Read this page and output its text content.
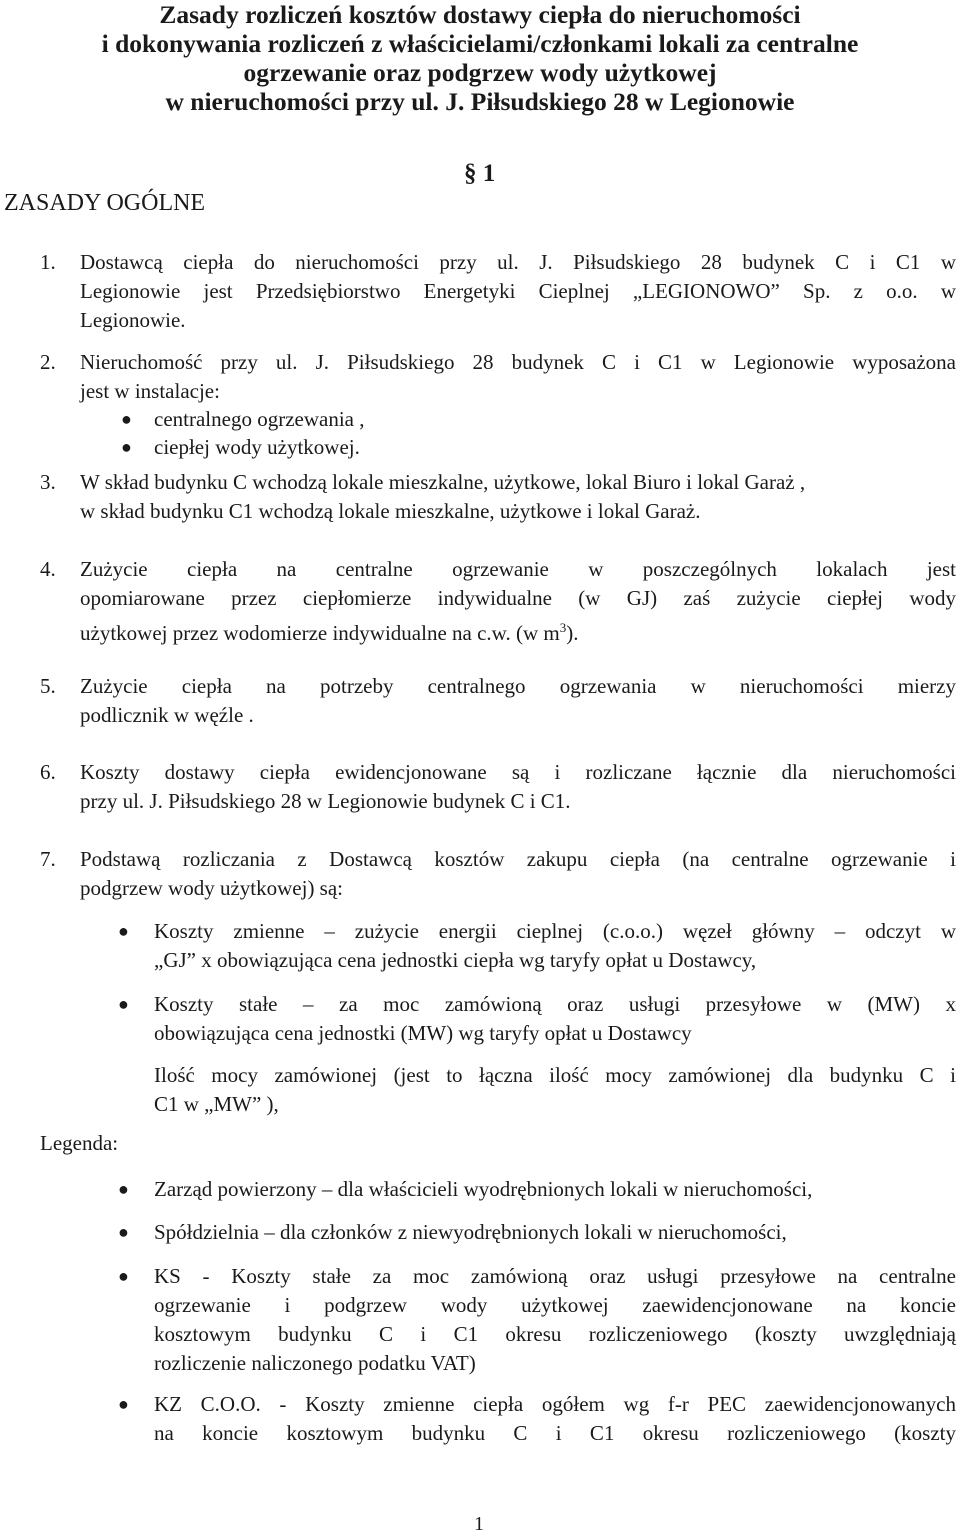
Zasady rozliczeń kosztów dostawy ciepła do nieruchomości
i dokonywania rozliczeń z właścicielami/członkami lokali za centralne
ogrzewanie oraz podgrzew wody użytkowej
w nieruchomości przy ul. J. Piłsudskiego 28 w Legionowie
§ 1
ZASADY OGÓLNE
1. Dostawcą ciepła do nieruchomości przy ul. J. Piłsudskiego 28 budynek C i C1 w
Legionowie jest Przedsiębiorstwo Energetyki Cieplnej „LEGIONOWO” Sp. z o.o. w
Legionowie.
2. Nieruchomość przy ul. J. Piłsudskiego 28 budynek C i C1 w Legionowie wyposażona
jest w instalacje:
● centralnego ogrzewania ,
● ciepłej wody użytkowej.
3. W skład budynku C wchodzą lokale mieszkalne, użytkowe, lokal Biuro i lokal Garaż ,
w skład budynku C1 wchodzą lokale mieszkalne, użytkowe i lokal Garaż.
4. Zużycie ciepła na centralne ogrzewanie w poszczególnych lokalach jest
opomiarowane przez ciepłomierze indywidualne (w GJ) zaś zużycie ciepłej wody
użytkowej przez wodomierze indywidualne na c.w. (w $m^3$).
5. Zużycie ciepła na potrzeby centralnego ogrzewania w nieruchomości mierzy
podlicznik w węźle .
6. Koszty dostawy ciepła ewidencjonowane są i rozliczane łącznie dla nieruchomości
przy ul. J. Piłsudskiego 28 w Legionowie budynek C i C1.
7. Podstawą rozliczania z Dostawcą kosztów zakupu ciepła (na centralne ogrzewanie i
podgrzew wody użytkowej) są:
● Koszty zmienne – zużycie energii cieplnej (c.o.o.) węzeł główny – odczyt w
„GJ” x obowiązująca cena jednostki ciepła wg taryfy opłat u Dostawcy,
● Koszty stałe – za moc zamówioną oraz usługi przesyłowe w (MW) x
obowiązująca cena jednostki (MW) wg taryfy opłat u Dostawcy
Ilość mocy zamówionej (jest to łączna ilość mocy zamówionej dla budynku C i
C1 w „MW” ),
Legenda:
● Zarząd powierzony – dla właścicieli wyodrębnionych lokali w nieruchomości,
● Spółdzielnia – dla członków z niewyodrębnionych lokali w nieruchomości,
● KS - Koszty stałe za moc zamówioną oraz usługi przesyłowe na centralne
ogrzewanie i podgrzew wody użytkowej zaewidencjonowane na koncie
kosztowym budynku C i C1 okresu rozliczeniowego (koszty uwzględniają
rozliczenie naliczonego podatku VAT)
● KZ C.O.O. - Koszty zmienne ciepła ogółem wg f-r PEC zaewidencjonowanych
na koncie kosztowym budynku C i C1 okresu rozliczeniowego (koszty
1
